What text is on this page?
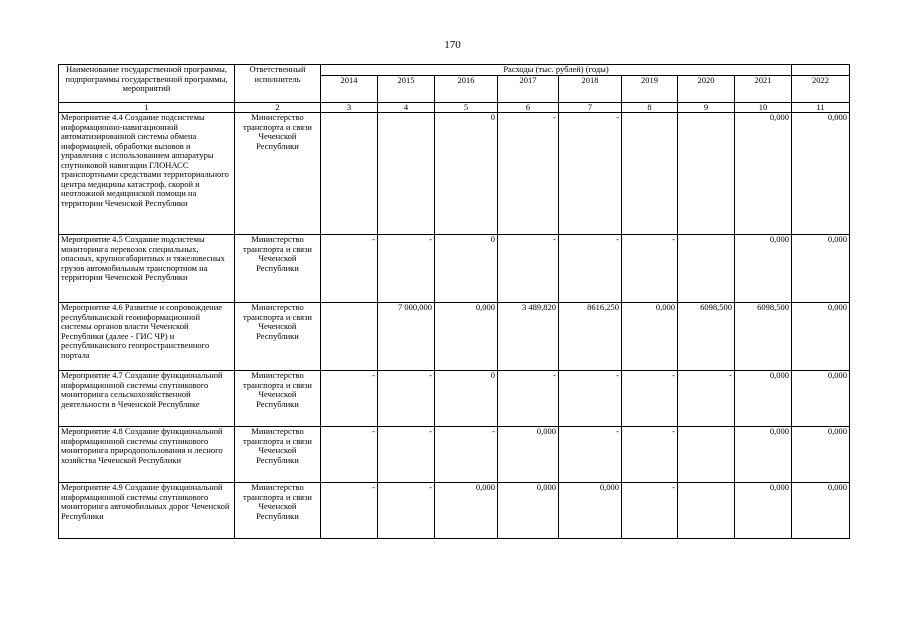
170
Наименование государственной программы, подпрограммы государственной программы, мероприятий	Ответственный исполнитель	Расходы (тыс. рублей) (годы)								
		2014	2015	2016	2017	2018	2019	2020	2021	2022
1	2	3	4	5	6	7	8	9	10	11
Мероприятие 4.4 Создание подсистемы информационно-навигационной автоматизированной системы обмена информацией, обработки вызовов и управления с использованием аппаратуры спутниковой навигации ГЛОНАСС транспортными средствами территориального центра медицины катастроф, скорой и неотложной медицинской помощи на территории Чеченской Республики	Министерство транспорта и связи Чеченской Республики			0	-	-			0,000	0,000
Мероприятие 4.5 Создание подсистемы мониторинга перевозок специальных, опасных, крупногабаритных и тяжеловесных грузов автомобильным транспортном на территории Чеченской Республики	Министерство транспорта и связи Чеченской Республики	-	-	0	-	-	-		0,000	0,000
Мероприятие 4.6 Развитие и сопровождение республиканской геоинформационной системы органов власти Чеченской Республики (далее - ГИС ЧР) и республиканского геопространственного портала	Министерство транспорта и связи Чеченской Республики		7 000,000	0,000	3 489,820	8616,250	0,000	6098,500	6098,500	0,000
Мероприятие 4.7 Создание функциональной информационной системы спутникового мониторинга сельскохозяйственной деятельности в Чеченской Республике	Министерство транспорта и связи Чеченской Республики	-	-	0	-	-	-	-	0,000	0,000
Мероприятие 4.8 Создание функциональной информационной системы спутникового мониторинга природопользования и лесного хозяйства Чеченской Республики	Министерство транспорта и связи Чеченской Республики	-	-	-	0,000	-	-		0,000	0,000
Мероприятие 4.9 Создание функциональной информационной системы спутникового мониторинга автомобильных дорог Чеченской Республики	Министерство транспорта и связи Чеченской Республики	-	-	0,000	0,000	0,000	-		0,000	0,000
